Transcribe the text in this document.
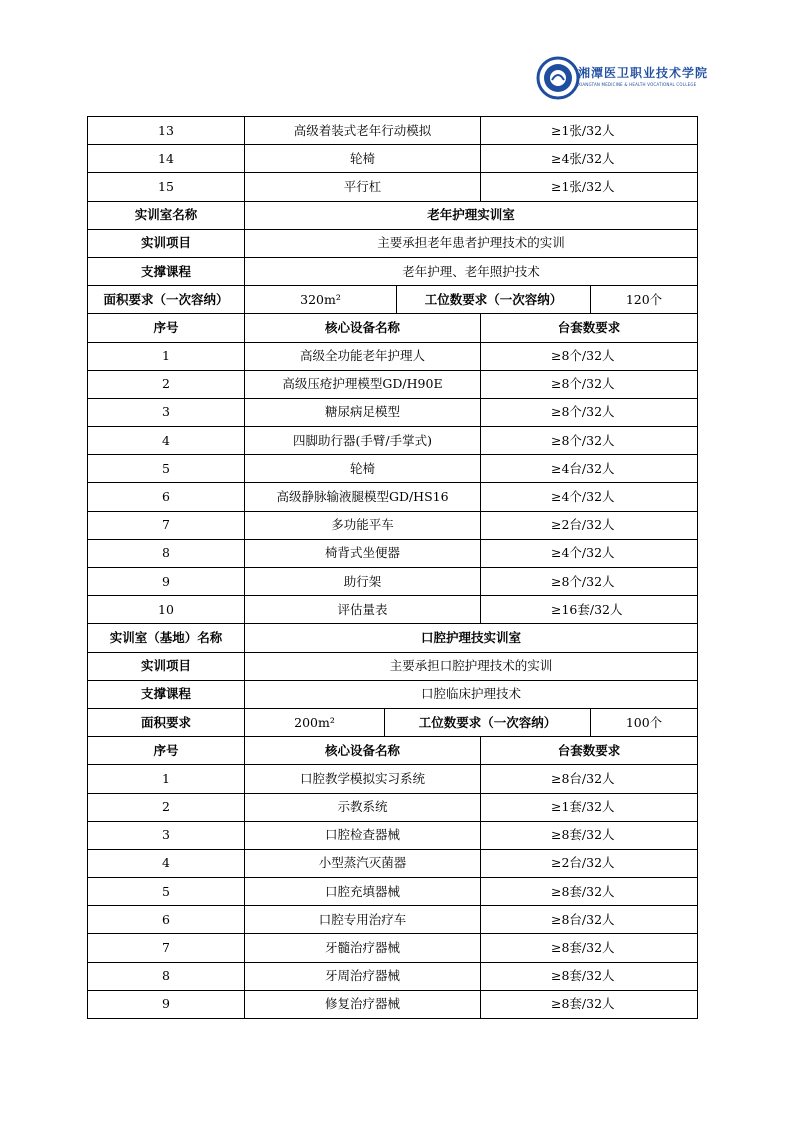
湘潭医卫职业技术学院
XIANGTAN MEDICINE & HEALTH VOCATIONAL COLLEGE
13	高级着装式老年行动模拟			≥1张/32人	
14	轮椅			≥4张/32人	
15	平行杠			≥1张/32人	
实训室名称	老年护理实训室				
实训项目	主要承担老年患者护理技术的实训				
支撑课程	老年护理、老年照护技术				
面积要求（一次容纳）	320m²		工位数要求（一次容纳）		120个
序号	核心设备名称			台套数要求	
1	高级全功能老年护理人			≥8个/32人	
2	高级压疮护理模型GD/H90E			≥8个/32人	
3	糖尿病足模型			≥8个/32人	
4	四脚助行器(手臂/手掌式)			≥8个/32人	
5	轮椅			≥4台/32人	
6	高级静脉输液腿模型GD/HS16			≥4个/32人	
7	多功能平车			≥2台/32人	
8	椅背式坐便器			≥4个/32人	
9	助行架			≥8个/32人	
10	评估量表			≥16套/32人	
实训室（基地）名称	口腔护理技实训室				
实训项目	主要承担口腔护理技术的实训				
支撑课程	口腔临床护理技术				
面积要求	200m²	工位数要求（一次容纳）			100个
序号	核心设备名称			台套数要求	
1	口腔教学模拟实习系统			≥8台/32人	
2	示教系统			≥1套/32人	
3	口腔检查器械			≥8套/32人	
4	小型蒸汽灭菌器			≥2台/32人	
5	口腔充填器械			≥8套/32人	
6	口腔专用治疗车			≥8台/32人	
7	牙髓治疗器械			≥8套/32人	
8	牙周治疗器械			≥8套/32人	
9	修复治疗器械			≥8套/32人	
